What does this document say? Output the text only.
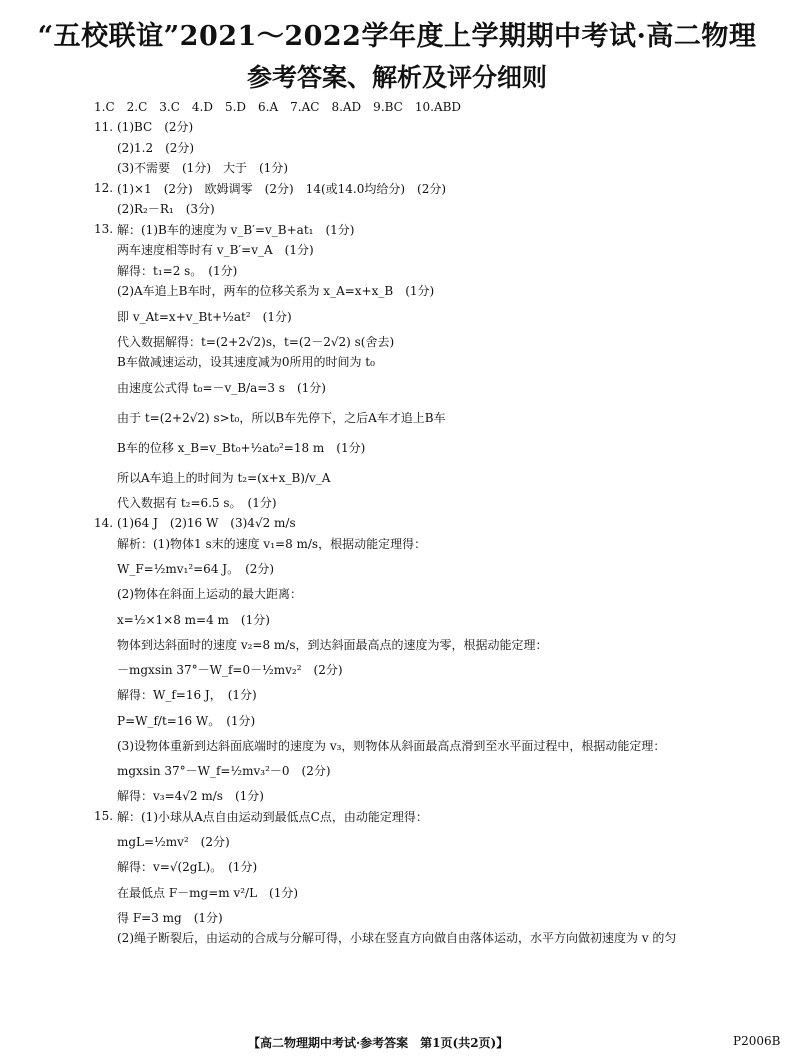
“五校联谊”2021～2022学年度上学期期中考试·高二物理
参考答案、解析及评分细则
1.C　2.C　3.C　4.D　5.D　6.A　7.AC　8.AD　9.BC　10.ABD
11. (1)BC　(2分)
(2)1.2　(2分)
(3)不需要　(1分)　大于　(1分)
12. (1)×1　(2分)　欧姆调零　(2分)　14(或14.0均给分)　(2分)
(2)R₂－R₁　(3分)
13. 解：(1)B车的速度为 v_B′=v_B+at₁　(1分)
两车速度相等时有 v_B′=v_A　(1分)
解得：t₁=2 s。　(1分)
(2)A车追上B车时，两车的位移关系为 x_A=x+x_B　(1分)
即 v_At=x+v_Bt+½at²　(1分)
代入数据解得：t=(2+2√2)s，t=(2－2√2) s(舍去)
B车做减速运动，设其速度减为0所用的时间为 t₀
由速度公式得 t₀=－v_B/a=3 s　(1分)
由于 t=(2+2√2) s>t₀，所以B车先停下，之后A车才追上B车
B车的位移 x_B=v_Bt₀+½at₀²=18 m　(1分)
所以A车追上的时间为 t₂=(x+x_B)/v_A
代入数据有 t₂=6.5 s。　(1分)
14. (1)64 J　(2)16 W　(3)4√2 m/s
解析：(1)物体1 s末的速度 v₁=8 m/s，根据动能定理得：
W_F=½mv₁²=64 J。　(2分)
(2)物体在斜面上运动的最大距离：
x=½×1×8 m=4 m　(1分)
物体到达斜面时的速度 v₂=8 m/s，到达斜面最高点的速度为零，根据动能定理：
－mgxsin 37°－W_f=0－½mv₂²　(2分)
解得：W_f=16 J，　(1分)
P=W_f/t=16 W。　(1分)
(3)设物体重新到达斜面底端时的速度为 v₃，则物体从斜面最高点滑到至水平面过程中，根据动能定理：
mgxsin 37°－W_f=½mv₃²－0　(2分)
解得：v₃=4√2 m/s　(1分)
15. 解：(1)小球从A点自由运动到最低点C点，由动能定理得：
mgL=½mv²　(2分)
解得：v=√(2gL)。　(1分)
在最低点 F－mg=m v²/L　(1分)
得 F=3 mg　(1分)
(2)绳子断裂后，由运动的合成与分解可得，小球在竖直方向做自由落体运动，水平方向做初速度为 v 的匀
【高二物理期中考试·参考答案　第1页(共2页)】	P2006B
